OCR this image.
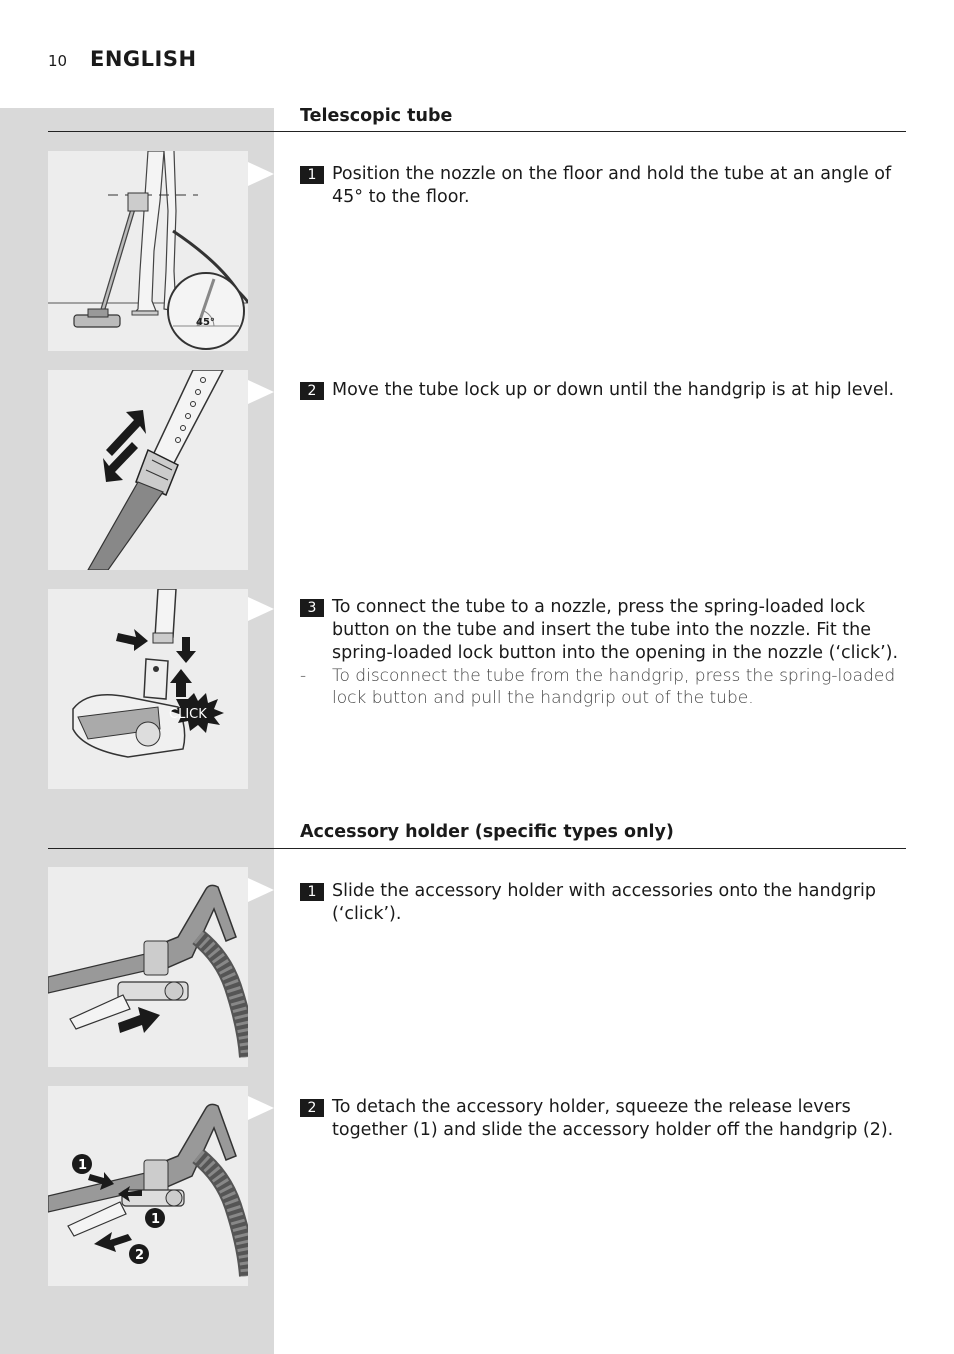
10 ENGLISH
Telescopic tube
45°
1 Position the nozzle on the floor and hold the tube at an angle of 45° to the floor.
2 Move the tube lock up or down until the handgrip is at hip level.
CLICK
3 To connect the tube to a nozzle, press the spring-loaded lock button on the tube and insert the tube into the nozzle. Fit the spring-loaded lock button into the opening in the nozzle (‘click’).
- To disconnect the tube from the handgrip, press the spring-loaded lock button and pull the handgrip out of the tube.
Accessory holder (specific types only)
1 Slide the accessory holder with accessories onto the handgrip (‘click’).
1
1
2
2 To detach the accessory holder, squeeze the release levers together (1) and slide the accessory holder off the handgrip (2).
